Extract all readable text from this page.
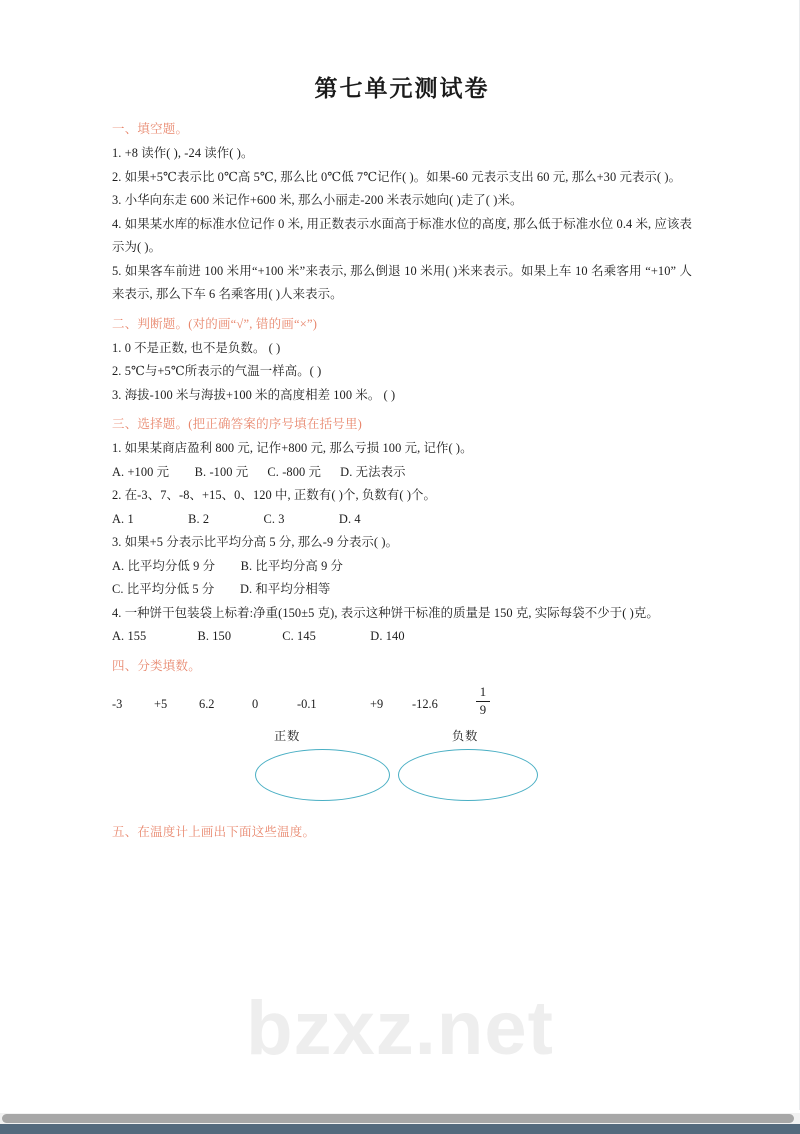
bzxz.net
第七单元测试卷
一、填空题。

1. +8 读作( ), -24 读作( )。

2. 如果+5℃表示比 0℃高 5℃, 那么比 0℃低 7℃记作( )。如果-60 元表示支出 60 元, 那么+30 元表示( )。

3. 小华向东走 600 米记作+600 米, 那么小丽走-200 米表示她向( )走了( )米。

4. 如果某水库的标准水位记作 0 米, 用正数表示水面高于标准水位的高度, 那么低于标准水位 0.4 米, 应该表示为( )。

5. 如果客车前进 100 米用“+100 米”来表示, 那么倒退 10 米用( )米来表示。如果上车 10 名乘客用 “+10” 人来表示, 那么下车 6 名乘客用( )人来表示。

二、判断题。(对的画“√”, 错的画“×”)

1. 0 不是正数, 也不是负数。 ( )

2. 5℃与+5℃所表示的气温一样高。( )

3. 海拔-100 米与海拔+100 米的高度相差 100 米。 ( )

三、选择题。(把正确答案的序号填在括号里)

1. 如果某商店盈利 800 元, 记作+800 元, 那么亏损 100 元, 记作( )。

A. +100 元        B. -100 元      C. -800 元      D. 无法表示

2. 在-3、7、-8、+15、0、120 中, 正数有( )个, 负数有( )个。

A. 1                 B. 2                 C. 3                 D. 4

3. 如果+5 分表示比平均分高 5 分, 那么-9 分表示( )。

A. 比平均分低 9 分        B. 比平均分高 9 分

C. 比平均分低 5 分        D. 和平均分相等

4. 一种饼干包装袋上标着:净重(150±5 克), 表示这种饼干标准的质量是 150 克, 实际每袋不少于( )克。

A. 155                B. 150                C. 145                 D. 140

四、分类填数。
-3	+5	6.2	0	-0.1	+9 -12.6
1
9
正数	负数
五、在温度计上画出下面这些温度。
